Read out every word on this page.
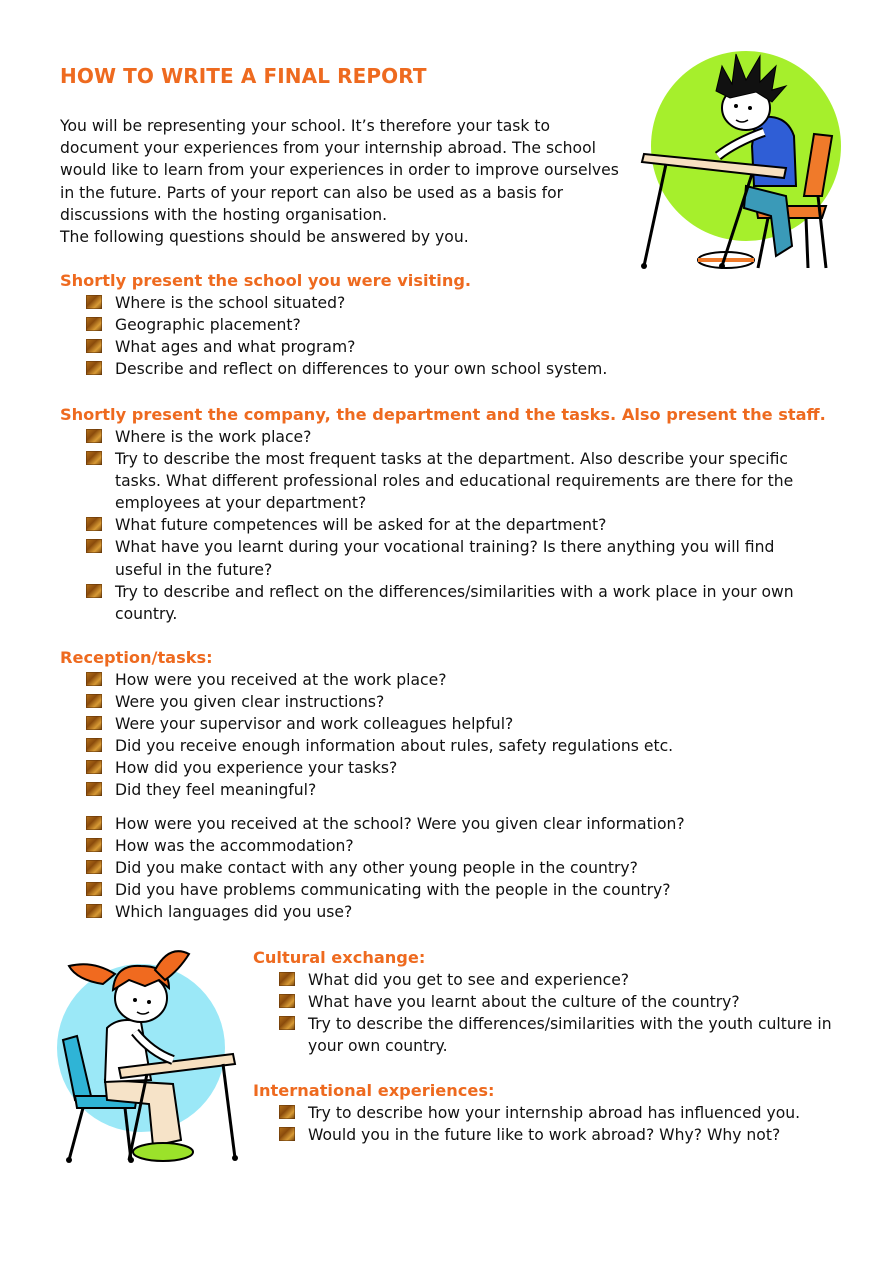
HOW TO WRITE A FINAL REPORT

You will be representing your school. It’s therefore your task to document your experiences from your internship abroad. The school would like to learn from your experiences in order to improve ourselves in the future. Parts of your report can also be used as a basis for discussions with the hosting organisation.

The following questions should be answered by you.

Shortly present the school you were visiting.
Where is the school situated?
Geographic placement?
What ages and what program?
Describe and reflect on differences to your own school system.
Shortly present the company, the department and the tasks. Also present the staff.
Where is the work place?
Try to describe the most frequent tasks at the department. Also describe your specific tasks. What different professional roles and educational requirements are there for the employees at your department?
What future competences will be asked for at the department?
What have you learnt during your vocational training? Is there anything you will find useful in the future?
Try to describe and reflect on the differences/similarities with a work place in your own country.
Reception/tasks:
How were you received at the work place?
Were you given clear instructions?
Were your supervisor and work colleagues helpful?
Did you receive enough information about rules, safety regulations etc.
How did you experience your tasks?
Did they feel meaningful?
How were you received at the school? Were you given clear information?
How was the accommodation?
Did you make contact with any other young people in the country?
Did you have problems communicating with the people in the country?
Which languages did you use?
Cultural exchange:
What did you get to see and experience?
What have you learnt about the culture of the country?
Try to describe the differences/similarities with the youth culture in your own country.
International experiences:
Try to describe how your internship abroad has influenced you.
Would you in the future like to work abroad? Why? Why not?
